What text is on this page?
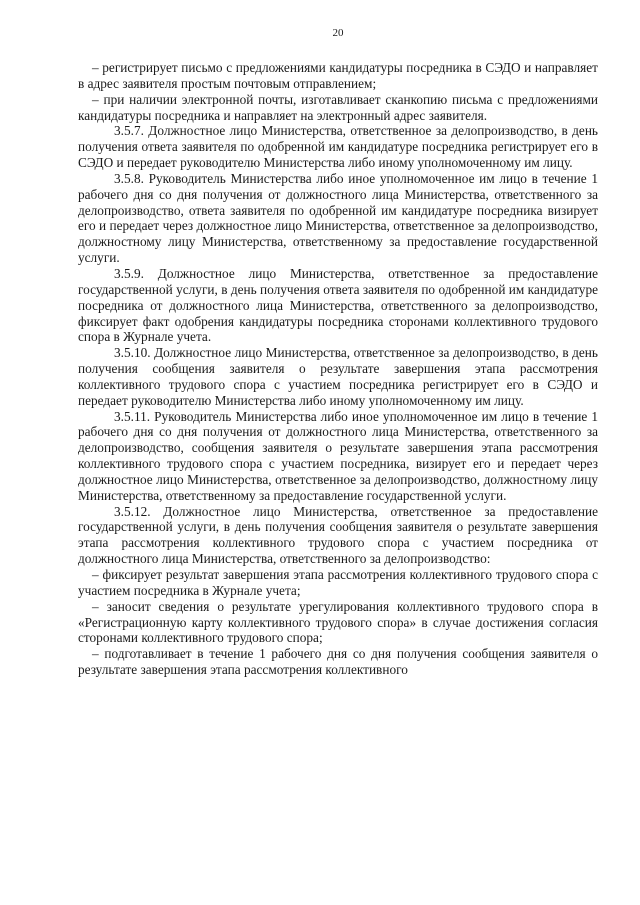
20

– регистрирует письмо с предложениями кандидатуры посредника в СЭДО и направляет в адрес заявителя простым почтовым отправлением;

– при наличии электронной почты, изготавливает сканкопию письма с предложениями кандидатуры посредника и направляет на электронный адрес заявителя.

3.5.7. Должностное лицо Министерства, ответственное за делопроизводство, в день получения ответа заявителя по одобренной им кандидатуре посредника регистрирует его в СЭДО и передает руководителю Министерства либо иному уполномоченному им лицу.

3.5.8. Руководитель Министерства либо иное уполномоченное им лицо в течение 1 рабочего дня со дня получения от должностного лица Министерства, ответственного за делопроизводство, ответа заявителя по одобренной им кандидатуре посредника визирует его и передает через должностное лицо Министерства, ответственное за делопроизводство, должностному лицу Министерства, ответственному за предоставление государственной услуги.

3.5.9. Должностное лицо Министерства, ответственное за предоставление государственной услуги, в день получения ответа заявителя по одобренной им кандидатуре посредника от должностного лица Министерства, ответственного за делопроизводство, фиксирует факт одобрения кандидатуры посредника сторонами коллективного трудового спора в Журнале учета.

3.5.10. Должностное лицо Министерства, ответственное за делопроизводство, в день получения сообщения заявителя о результате завершения этапа рассмотрения коллективного трудового спора с участием посредника регистрирует его в СЭДО и передает руководителю Министерства либо иному уполномоченному им лицу.

3.5.11. Руководитель Министерства либо иное уполномоченное им лицо в течение 1 рабочего дня со дня получения от должностного лица Министерства, ответственного за делопроизводство, сообщения заявителя о результате завершения этапа рассмотрения коллективного трудового спора с участием посредника, визирует его и передает через должностное лицо Министерства, ответственное за делопроизводство, должностному лицу Министерства, ответственному за предоставление государственной услуги.

3.5.12. Должностное лицо Министерства, ответственное за предоставление государственной услуги, в день получения сообщения заявителя о результате завершения этапа рассмотрения коллективного трудового спора с участием посредника от должностного лица Министерства, ответственного за делопроизводство:

– фиксирует результат завершения этапа рассмотрения коллективного трудового спора с участием посредника в Журнале учета;

– заносит сведения о результате урегулирования коллективного трудового спора в «Регистрационную карту коллективного трудового спора» в случае достижения согласия сторонами коллективного трудового спора;

– подготавливает в течение 1 рабочего дня со дня получения сообщения заявителя о результате завершения этапа рассмотрения коллективного
